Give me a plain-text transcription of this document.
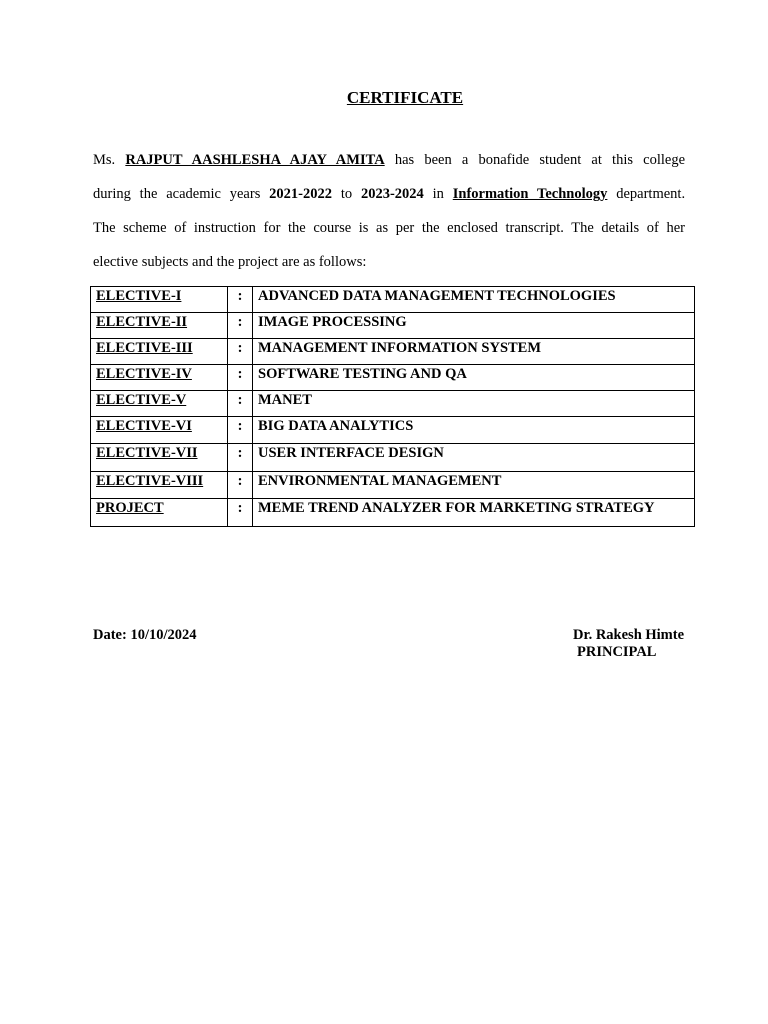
CERTIFICATE
Ms. RAJPUT AASHLESHA AJAY AMITA has been a bonafide student at this college
during the academic years 2021-2022 to 2023-2024 in Information Technology department.
The scheme of instruction for the course is as per the enclosed transcript. The details of her
elective subjects and the project are as follows:
ELECTIVE-I	:	ADVANCED DATA MANAGEMENT TECHNOLOGIES
ELECTIVE-II	:	IMAGE PROCESSING
ELECTIVE-III	:	MANAGEMENT INFORMATION SYSTEM
ELECTIVE-IV	:	SOFTWARE TESTING AND QA
ELECTIVE-V	:	MANET
ELECTIVE-VI	:	BIG DATA ANALYTICS
ELECTIVE-VII	:	USER INTERFACE DESIGN
ELECTIVE-VIII	:	ENVIRONMENTAL MANAGEMENT
PROJECT	:	MEME TREND ANALYZER FOR MARKETING STRATEGY
Date: 10/10/2024	Dr. Rakesh Himte
PRINCIPAL
